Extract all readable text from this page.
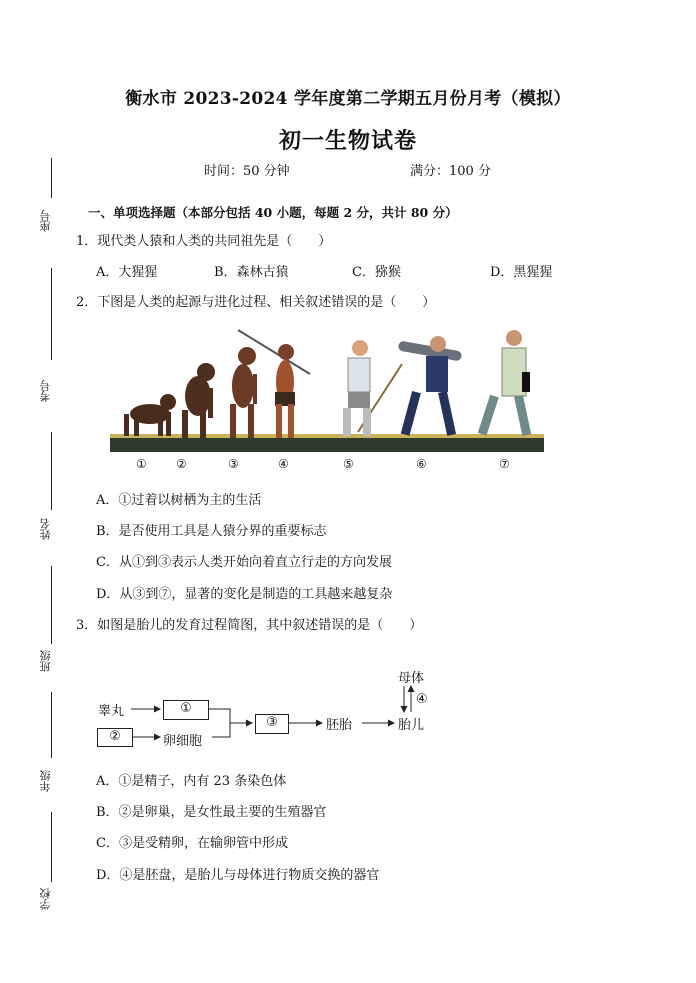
座号
考号
姓名
班级
年级
学校
衡水市 2023-2024 学年度第二学期五月份月考（模拟）
初一生物试卷
时间：50 分钟	满分：100 分
一、单项选择题（本部分包括 40 小题，每题 2 分，共计 80 分）
1．现代类人猿和人类的共同祖先是（　　）
A．大猩猩	B．森林古猿	C．猕猴	D．黑猩猩
2．下图是人类的起源与进化过程、相关叙述错误的是（　　）
① ②	③	④	⑤	⑥	⑦
A．①过着以树栖为主的生活
B．是否使用工具是人猿分界的重要标志
C．从①到③表示人类开始向着直立行走的方向发展
D．从③到⑦，显著的变化是制造的工具越来越复杂
3．如图是胎儿的发育过程简图，其中叙述错误的是（　　）
睾丸	①
②	卵细胞
③	胚胎	胎儿
母体
④
A．①是精子，内有 23 条染色体
B．②是卵巢，是女性最主要的生殖器官
C．③是受精卵，在输卵管中形成
D．④是胚盘，是胎儿与母体进行物质交换的器官
